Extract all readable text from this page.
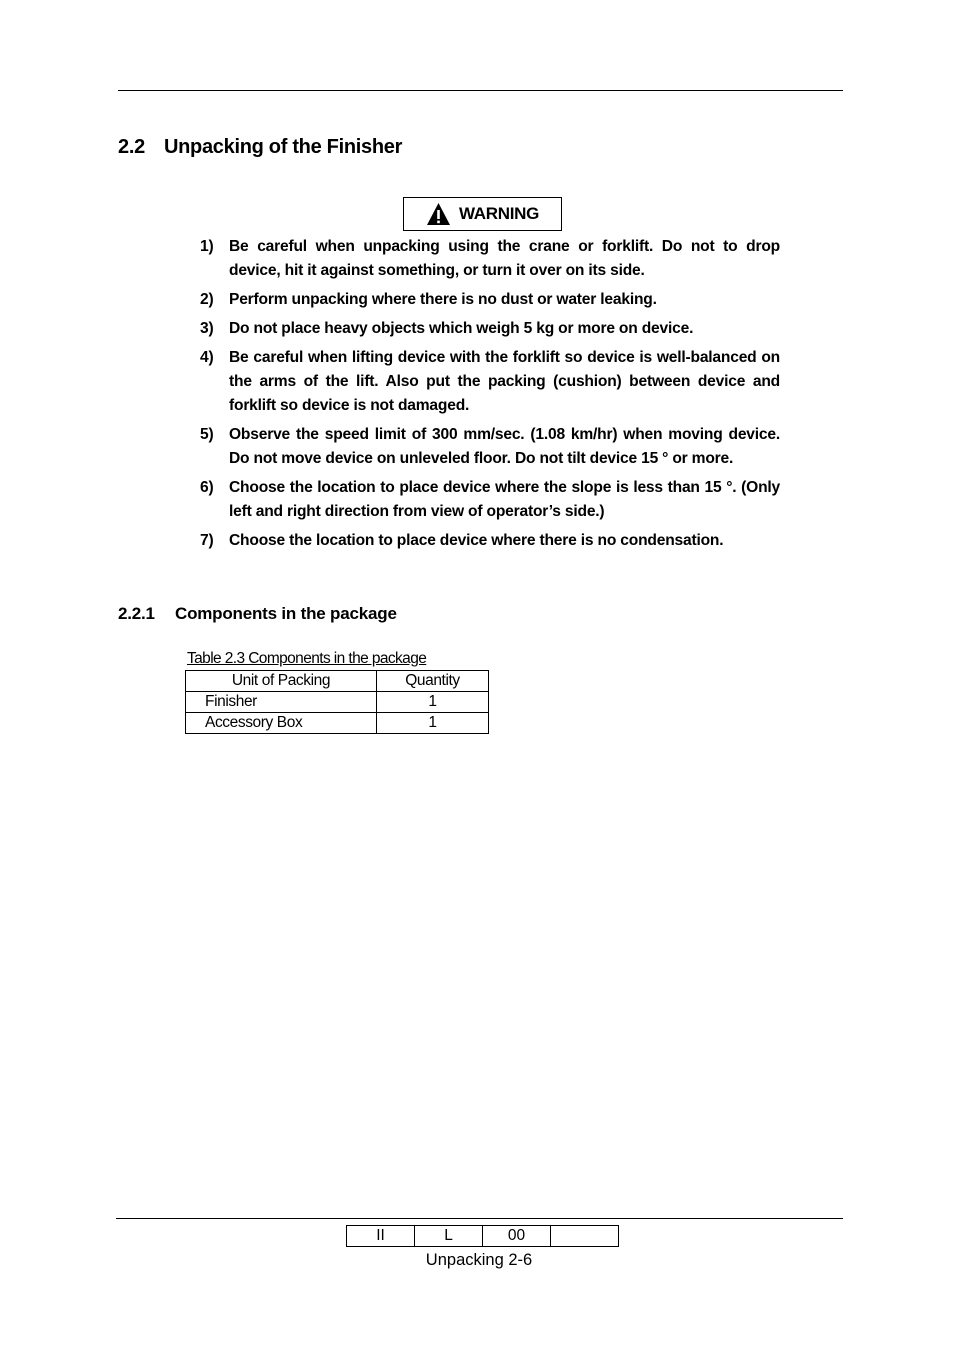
2.2 Unpacking of the Finisher
WARNING
1) Be careful when unpacking using the crane or forklift. Do not to drop device, hit it against something, or turn it over on its side.
2) Perform unpacking where there is no dust or water leaking.
3) Do not place heavy objects which weigh 5 kg or more on device.
4) Be careful when lifting device with the forklift so device is well-balanced on the arms of the lift. Also put the packing (cushion) between device and forklift so device is not damaged.
5) Observe the speed limit of 300 mm/sec. (1.08 km/hr) when moving device. Do not move device on unleveled floor. Do not tilt device 15 ° or more.
6) Choose the location to place device where the slope is less than 15 °. (Only left and right direction from view of operator’s side.)
7) Choose the location to place device where there is no condensation.
2.2.1 Components in the package
Table 2.3 Components in the package
Unit of Packing	Quantity
Finisher	1
Accessory Box	1
II	L	00	
Unpacking 2-6
